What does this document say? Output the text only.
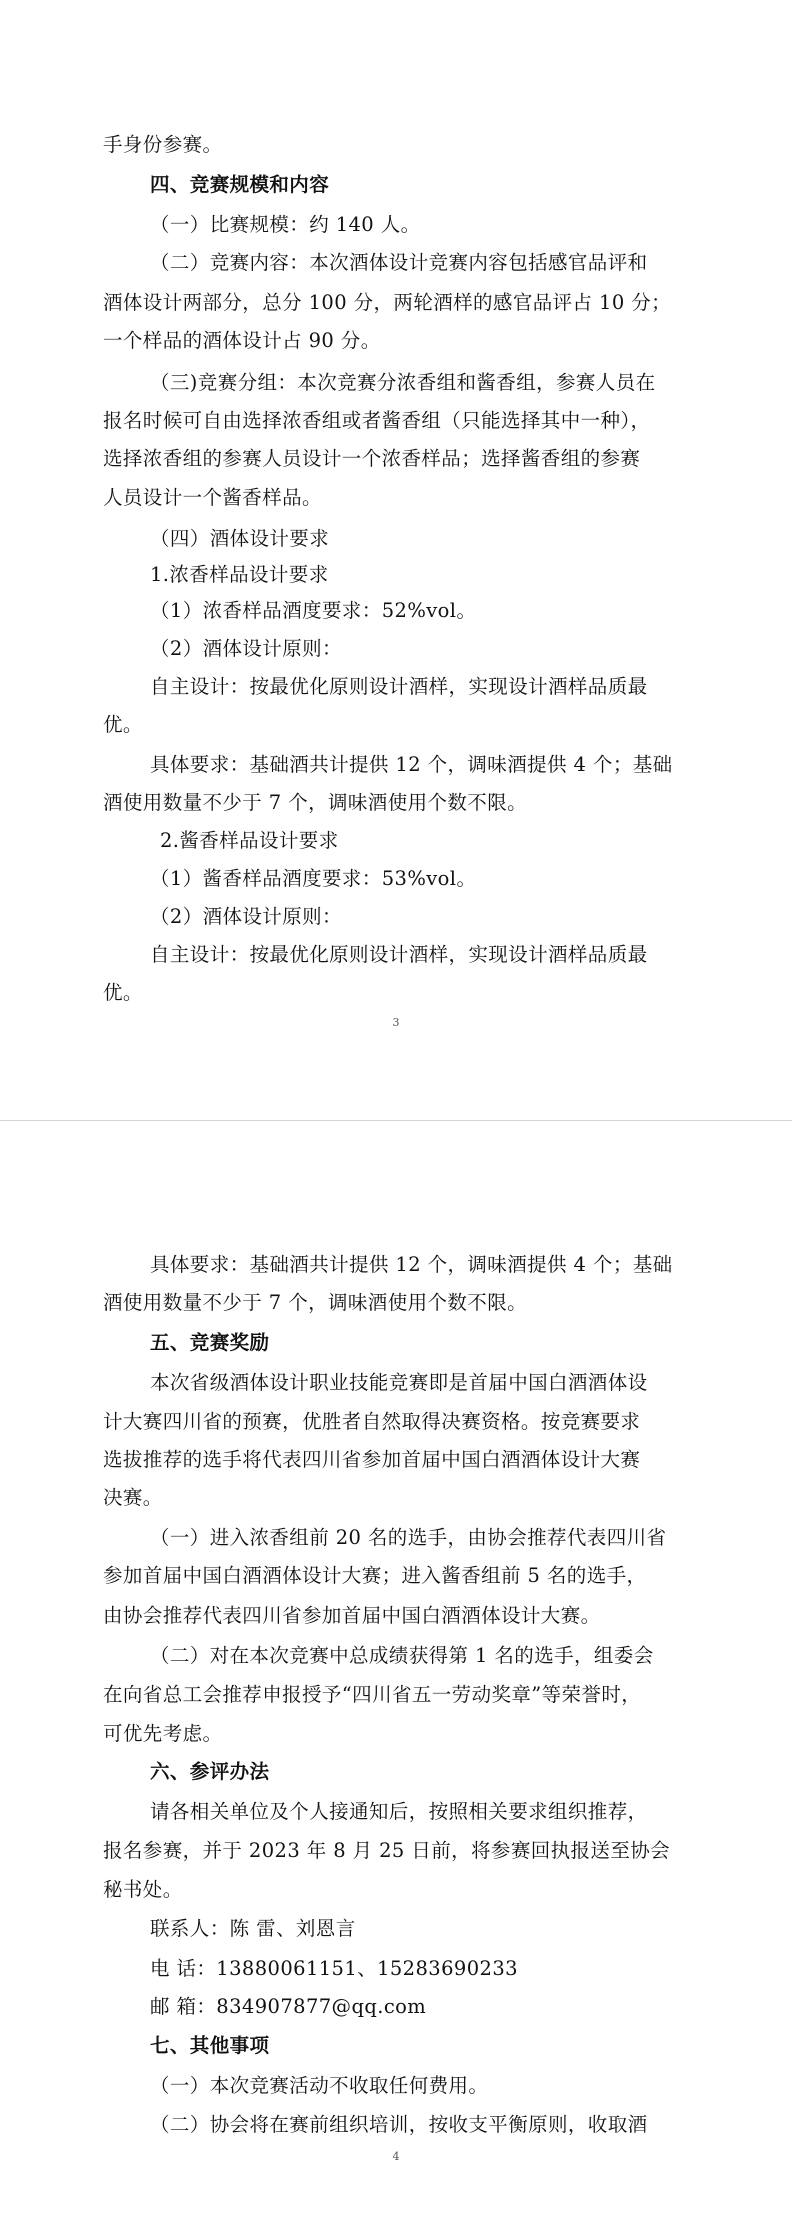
手身份参赛。
四、竞赛规模和内容
（一）比赛规模：约 140 人。
（二）竞赛内容：本次酒体设计竞赛内容包括感官品评和
酒体设计两部分，总分 100 分，两轮酒样的感官品评占 10 分；
一个样品的酒体设计占 90 分。
（三)竞赛分组：本次竞赛分浓香组和酱香组，参赛人员在
报名时候可自由选择浓香组或者酱香组（只能选择其中一种），
选择浓香组的参赛人员设计一个浓香样品；选择酱香组的参赛
人员设计一个酱香样品。
（四）酒体设计要求
1.浓香样品设计要求
（1）浓香样品酒度要求：52%vol。
（2）酒体设计原则：
自主设计：按最优化原则设计酒样，实现设计酒样品质最
优。
具体要求：基础酒共计提供 12 个，调味酒提供 4 个；基础
酒使用数量不少于 7 个，调味酒使用个数不限。
2.酱香样品设计要求
（1）酱香样品酒度要求：53%vol。
（2）酒体设计原则：
自主设计：按最优化原则设计酒样，实现设计酒样品质最
优。
3
具体要求：基础酒共计提供 12 个，调味酒提供 4 个；基础
酒使用数量不少于 7 个，调味酒使用个数不限。
五、竞赛奖励
本次省级酒体设计职业技能竞赛即是首届中国白酒酒体设
计大赛四川省的预赛，优胜者自然取得决赛资格。按竞赛要求
选拔推荐的选手将代表四川省参加首届中国白酒酒体设计大赛
决赛。
（一）进入浓香组前 20 名的选手，由协会推荐代表四川省
参加首届中国白酒酒体设计大赛；进入酱香组前 5 名的选手，
由协会推荐代表四川省参加首届中国白酒酒体设计大赛。
（二）对在本次竞赛中总成绩获得第 1 名的选手，组委会
在向省总工会推荐申报授予“四川省五一劳动奖章”等荣誉时，
可优先考虑。
六、参评办法
请各相关单位及个人接通知后，按照相关要求组织推荐，
报名参赛，并于 2023 年 8 月 25 日前，将参赛回执报送至协会
秘书处。
联系人：陈 雷、刘恩言
电 话：13880061151、15283690233
邮 箱：834907877@qq.com
七、其他事项
（一）本次竞赛活动不收取任何费用。
（二）协会将在赛前组织培训，按收支平衡原则，收取酒
4
